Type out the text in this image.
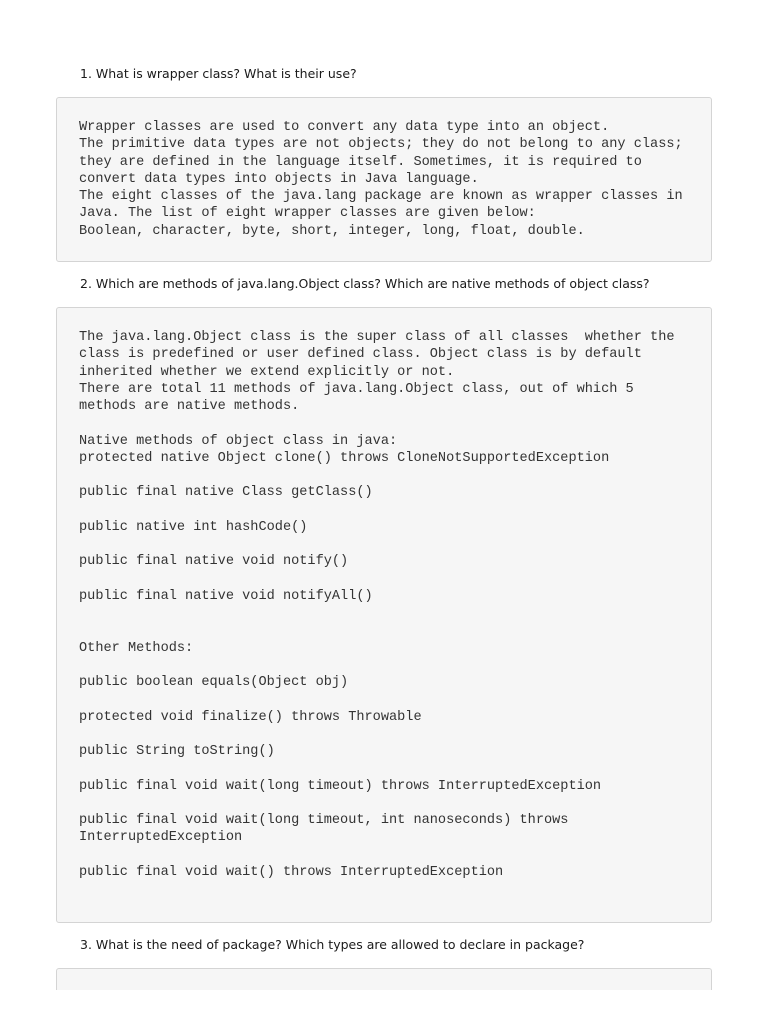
1. What is wrapper class? What is their use?

Wrapper classes are used to convert any data type into an object.
The primitive data types are not objects; they do not belong to any class;
they are defined in the language itself. Sometimes, it is required to
convert data types into objects in Java language.
The eight classes of the java.lang package are known as wrapper classes in
Java. The list of eight wrapper classes are given below:
Boolean, character, byte, short, integer, long, float, double.

2. Which are methods of java.lang.Object class? Which are native methods of object class?

The java.lang.Object class is the super class of all classes  whether the
class is predefined or user defined class. Object class is by default
inherited whether we extend explicitly or not.
There are total 11 methods of java.lang.Object class, out of which 5
methods are native methods.

Native methods of object class in java:
protected native Object clone() throws CloneNotSupportedException

public final native Class getClass()

public native int hashCode()

public final native void notify()

public final native void notifyAll()

Other Methods:

public boolean equals(Object obj)

protected void finalize() throws Throwable

public String toString()

public final void wait(long timeout) throws InterruptedException

public final void wait(long timeout, int nanoseconds) throws
InterruptedException

public final void wait() throws InterruptedException

3. What is the need of package? Which types are allowed to declare in package?
